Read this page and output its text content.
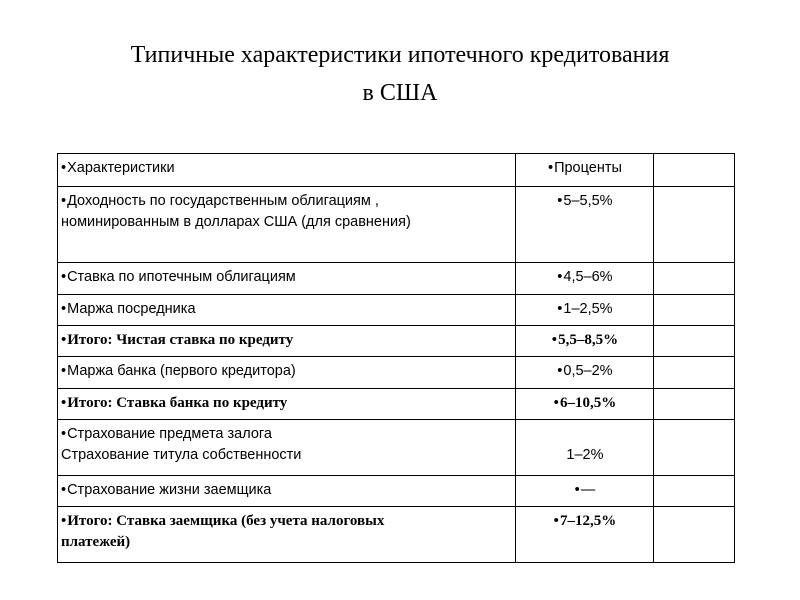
Типичные характеристики ипотечного кредитования
в США
•Характеристики	•Проценты	

•Доходность по государственным облигациям ,
номинированным в долларах США (для сравнения)	•5–5,5%	
•Ставка по ипотечным облигациям	•4,5–6%	
•Маржа посредника	•1–2,5%	
•Итого: Чистая ставка по кредиту	•5,5–8,5%	
•Маржа банка (первого кредитора)	•0,5–2%	
•Итого: Ставка банка по кредиту	•6–10,5%	

•Страхование предмета залога
Страхование титула собственности	1–2%	

•Страхование жизни заемщика	•—	

•Итого: Ставка заемщика (без учета налоговых
платежей)	•7–12,5%	
